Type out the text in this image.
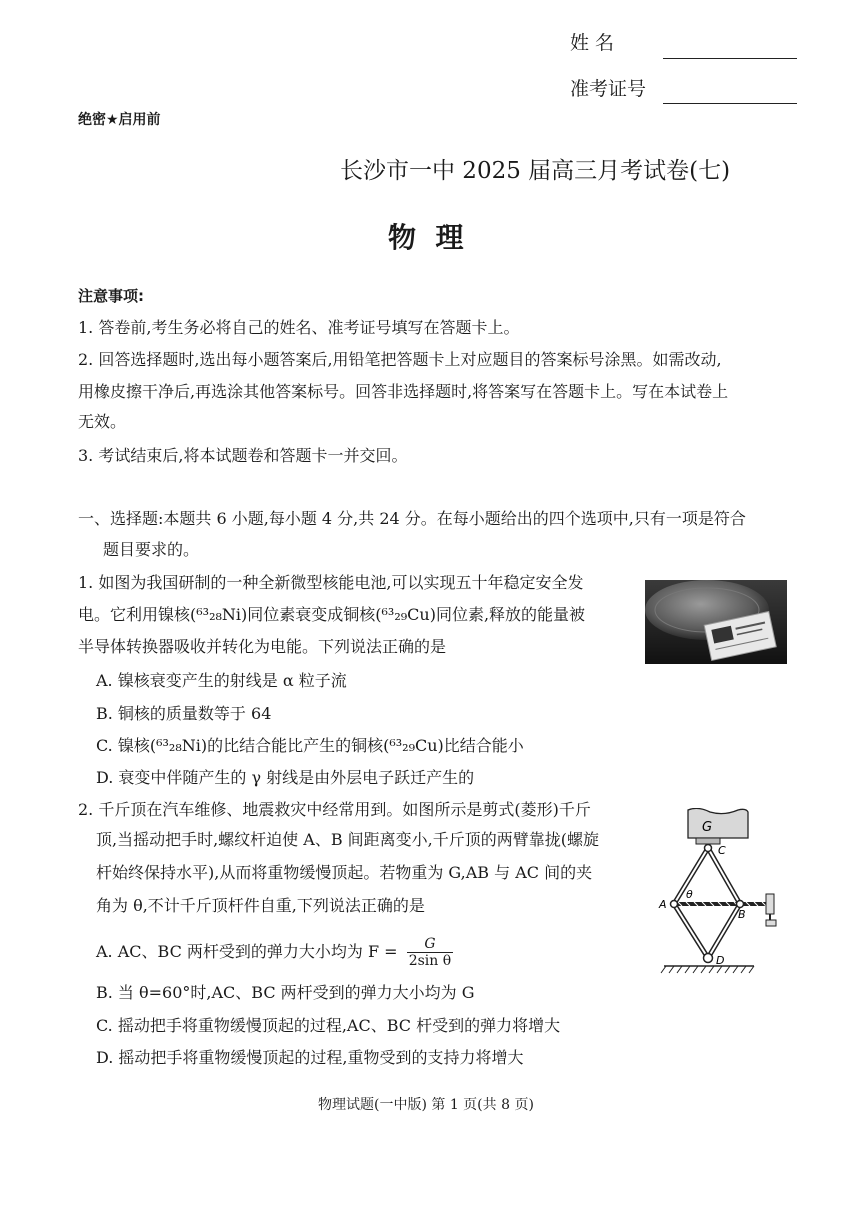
姓 名
准考证号
绝密★启用前
长沙市一中 2025 届高三月考试卷(七)
物  理
注意事项:
1. 答卷前,考生务必将自己的姓名、准考证号填写在答题卡上。
2. 回答选择题时,选出每小题答案后,用铅笔把答题卡上对应题目的答案标号涂黑。如需改动,
用橡皮擦干净后,再选涂其他答案标号。回答非选择题时,将答案写在答题卡上。写在本试卷上
无效。
3. 考试结束后,将本试题卷和答题卡一并交回。
一、选择题:本题共 6 小题,每小题 4 分,共 24 分。在每小题给出的四个选项中,只有一项是符合
题目要求的。
1. 如图为我国研制的一种全新微型核能电池,可以实现五十年稳定安全发
电。它利用镍核(⁶³₂₈Ni)同位素衰变成铜核(⁶³₂₉Cu)同位素,释放的能量被
半导体转换器吸收并转化为电能。下列说法正确的是
A. 镍核衰变产生的射线是 α 粒子流
B. 铜核的质量数等于 64
C. 镍核(⁶³₂₈Ni)的比结合能比产生的铜核(⁶³₂₉Cu)比结合能小
D. 衰变中伴随产生的 γ 射线是由外层电子跃迁产生的
2. 千斤顶在汽车维修、地震救灾中经常用到。如图所示是剪式(菱形)千斤
顶,当摇动把手时,螺纹杆迫使 A、B 间距离变小,千斤顶的两臂靠拢(螺旋
杆始终保持水平),从而将重物缓慢顶起。若物重为 G,AB 与 AC 间的夹
角为 θ,不计千斤顶杆件自重,下列说法正确的是
A. AC、BC 两杆受到的弹力大小均为 $F = \frac{G}{\text{2sin θ}}$
B. 当 θ=60°时,AC、BC 两杆受到的弹力大小均为 G
C. 摇动把手将重物缓慢顶起的过程,AC、BC 杆受到的弹力将增大
D. 摇动把手将重物缓慢顶起的过程,重物受到的支持力将增大
G
C
A
B
D
θ
物理试题(一中版) 第 1 页(共 8 页)
